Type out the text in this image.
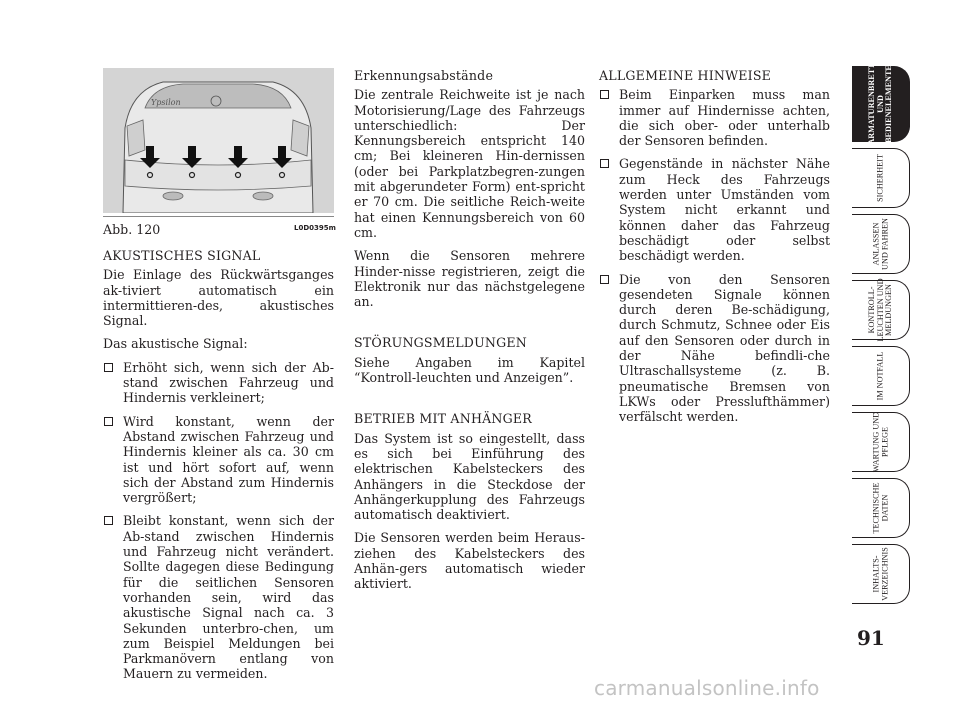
Ypsilon
Abb. 120	L0D0395m
AKUSTISCHES SIGNAL

Die Einlage des Rückwärtsganges ak-tiviert automatisch ein intermittieren-des, akustisches Signal.

Das akustische Signal:

Erhöht sich, wenn sich der Ab-stand zwischen Fahrzeug und Hindernis verkleinert;
Wird konstant, wenn der Abstand zwischen Fahrzeug und Hindernis kleiner als ca. 30 cm ist und hört sofort auf, wenn sich der Abstand zum Hindernis vergrößert;
Bleibt konstant, wenn sich der Ab-stand zwischen Hindernis und Fahrzeug nicht verändert. Sollte dagegen diese Bedingung für die seitlichen Sensoren vorhanden sein, wird das akustische Signal nach ca. 3 Sekunden unterbro-chen, um zum Beispiel Meldungen bei Parkmanövern entlang von Mauern zu vermeiden.
Erkennungsabstände

Die zentrale Reichweite ist je nach Motorisierung/Lage des Fahrzeugs unterschiedlich: Der Kennungsbereich entspricht 140 cm; Bei kleineren Hin-dernissen (oder bei Parkplatzbegren-zungen mit abgerundeter Form) ent-spricht er 70 cm. Die seitliche Reich-weite hat einen Kennungsbereich von 60 cm.

Wenn die Sensoren mehrere Hinder-nisse registrieren, zeigt die Elektronik nur das nächstgelegene an.

STÖRUNGSMELDUNGEN

Siehe Angaben im Kapitel “Kontroll-leuchten und Anzeigen”.

BETRIEB MIT ANHÄNGER

Das System ist so eingestellt, dass es sich bei Einführung des elektrischen Kabelsteckers des Anhängers in die Steckdose der Anhängerkupplung des Fahrzeugs automatisch deaktiviert.

Die Sensoren werden beim Heraus-ziehen des Kabelsteckers des Anhän-gers automatisch wieder aktiviert.

ALLGEMEINE HINWEISE
Beim Einparken muss man immer auf Hindernisse achten, die sich ober- oder unterhalb der Sensoren befinden.
Gegenstände in nächster Nähe zum Heck des Fahrzeugs werden unter Umständen vom System nicht erkannt und können daher das Fahrzeug beschädigt oder selbst beschädigt werden.
Die von den Sensoren gesendeten Signale können durch deren Be-schädigung, durch Schmutz, Schnee oder Eis auf den Sensoren oder durch in der Nähe befindli-che Ultraschallsysteme (z. B. pneumatische Bremsen von LKWs oder Presslufthämmer) verfälscht werden.
ARMATURENBRETT
UND
BEDIENELEMENTE
SICHERHEIT
ANLASSEN
UND FAHREN
KONTROLL-
LEUCHTEN UND
MELDUNGEN
IM NOTFALL
WARTUNG UND
PFLEGE
TECHNISCHE
DATEN
INHALTS-
VERZEICHNIS
91
carmanualsonline.info
